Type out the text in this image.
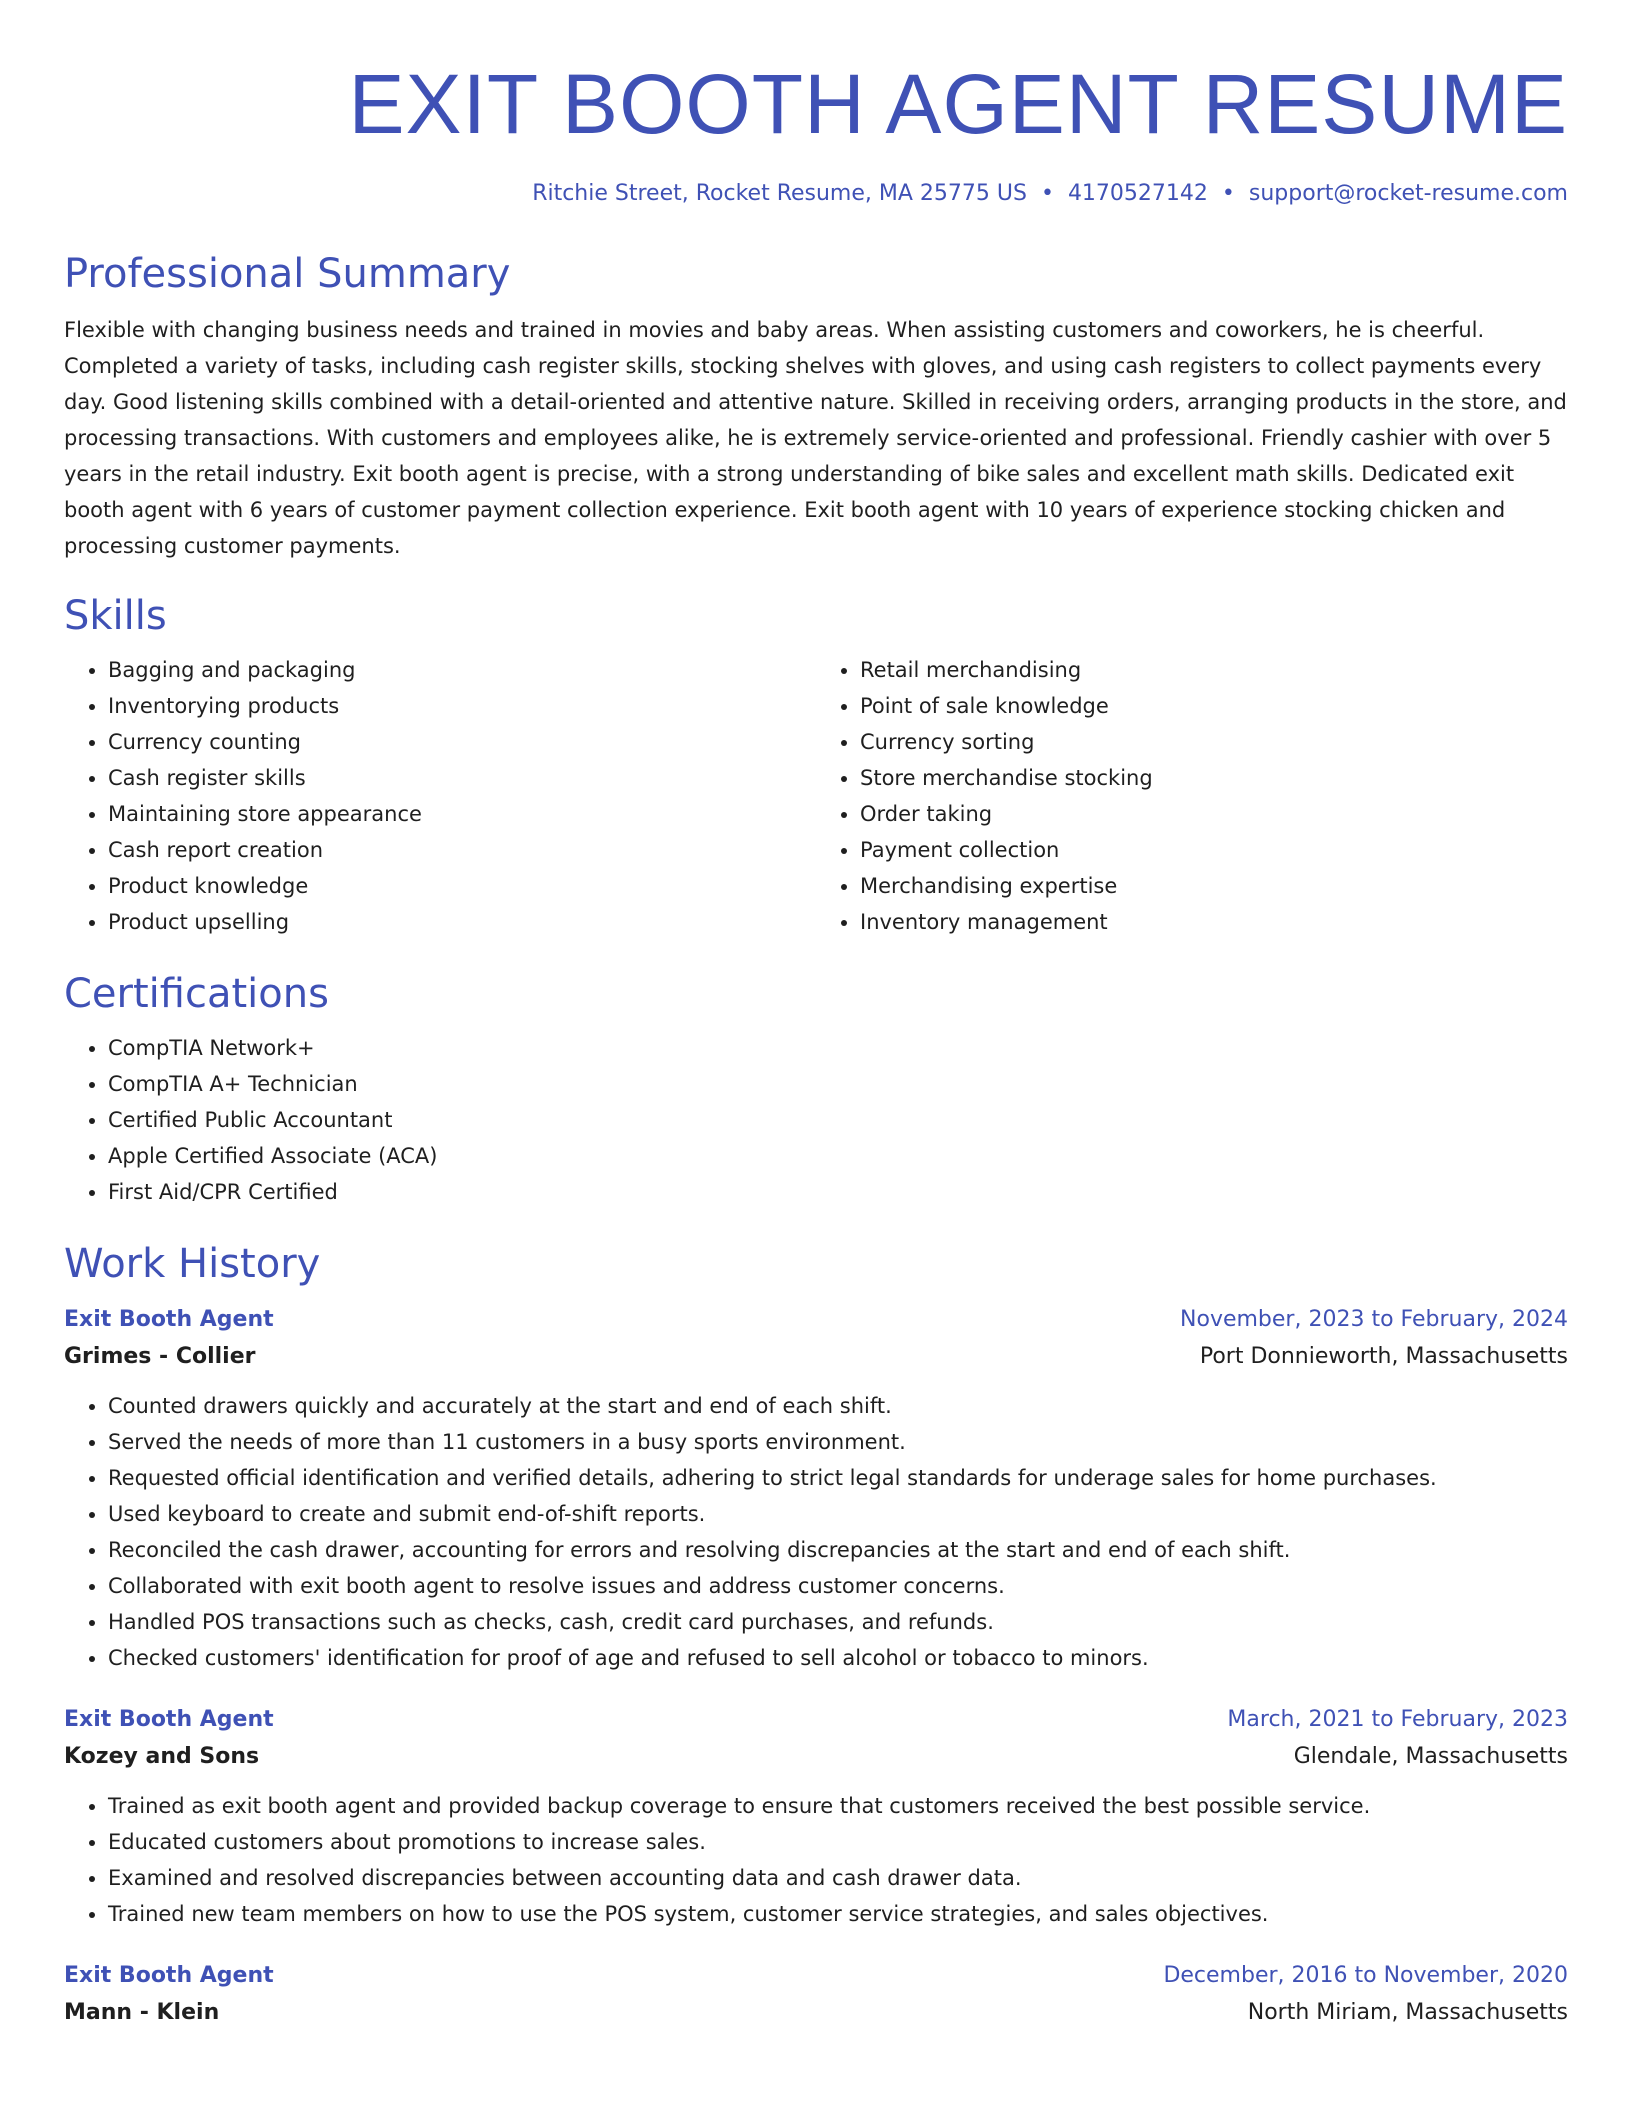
EXIT BOOTH AGENT RESUME
Ritchie Street, Rocket Resume, MA 25775 US • 4170527142 • support@rocket-resume.com
Professional Summary
Flexible with changing business needs and trained in movies and baby areas. When assisting customers and coworkers, he is cheerful. Completed a variety of tasks, including cash register skills, stocking shelves with gloves, and using cash registers to collect payments every day. Good listening skills combined with a detail-oriented and attentive nature. Skilled in receiving orders, arranging products in the store, and processing transactions. With customers and employees alike, he is extremely service-oriented and professional. Friendly cashier with over 5 years in the retail industry. Exit booth agent is precise, with a strong understanding of bike sales and excellent math skills. Dedicated exit booth agent with 6 years of customer payment collection experience. Exit booth agent with 10 years of experience stocking chicken and processing customer payments.
Skills
• Bagging and packaging
• Inventorying products
• Currency counting
• Cash register skills
• Maintaining store appearance
• Cash report creation
• Product knowledge
• Product upselling
• Retail merchandising
• Point of sale knowledge
• Currency sorting
• Store merchandise stocking
• Order taking
• Payment collection
• Merchandising expertise
• Inventory management
Certifications
• CompTIA Network+
• CompTIA A+ Technician
• Certified Public Accountant
• Apple Certified Associate (ACA)
• First Aid/CPR Certified
Work History
Exit Booth Agent	November, 2023 to February, 2024
Grimes - Collier	Port Donnieworth, Massachusetts
• Counted drawers quickly and accurately at the start and end of each shift.
• Served the needs of more than 11 customers in a busy sports environment.
• Requested official identification and verified details, adhering to strict legal standards for underage sales for home purchases.
• Used keyboard to create and submit end-of-shift reports.
• Reconciled the cash drawer, accounting for errors and resolving discrepancies at the start and end of each shift.
• Collaborated with exit booth agent to resolve issues and address customer concerns.
• Handled POS transactions such as checks, cash, credit card purchases, and refunds.
• Checked customers' identification for proof of age and refused to sell alcohol or tobacco to minors.
Exit Booth Agent	March, 2021 to February, 2023
Kozey and Sons	Glendale, Massachusetts
• Trained as exit booth agent and provided backup coverage to ensure that customers received the best possible service.
• Educated customers about promotions to increase sales.
• Examined and resolved discrepancies between accounting data and cash drawer data.
• Trained new team members on how to use the POS system, customer service strategies, and sales objectives.
Exit Booth Agent	December, 2016 to November, 2020
Mann - Klein	North Miriam, Massachusetts
